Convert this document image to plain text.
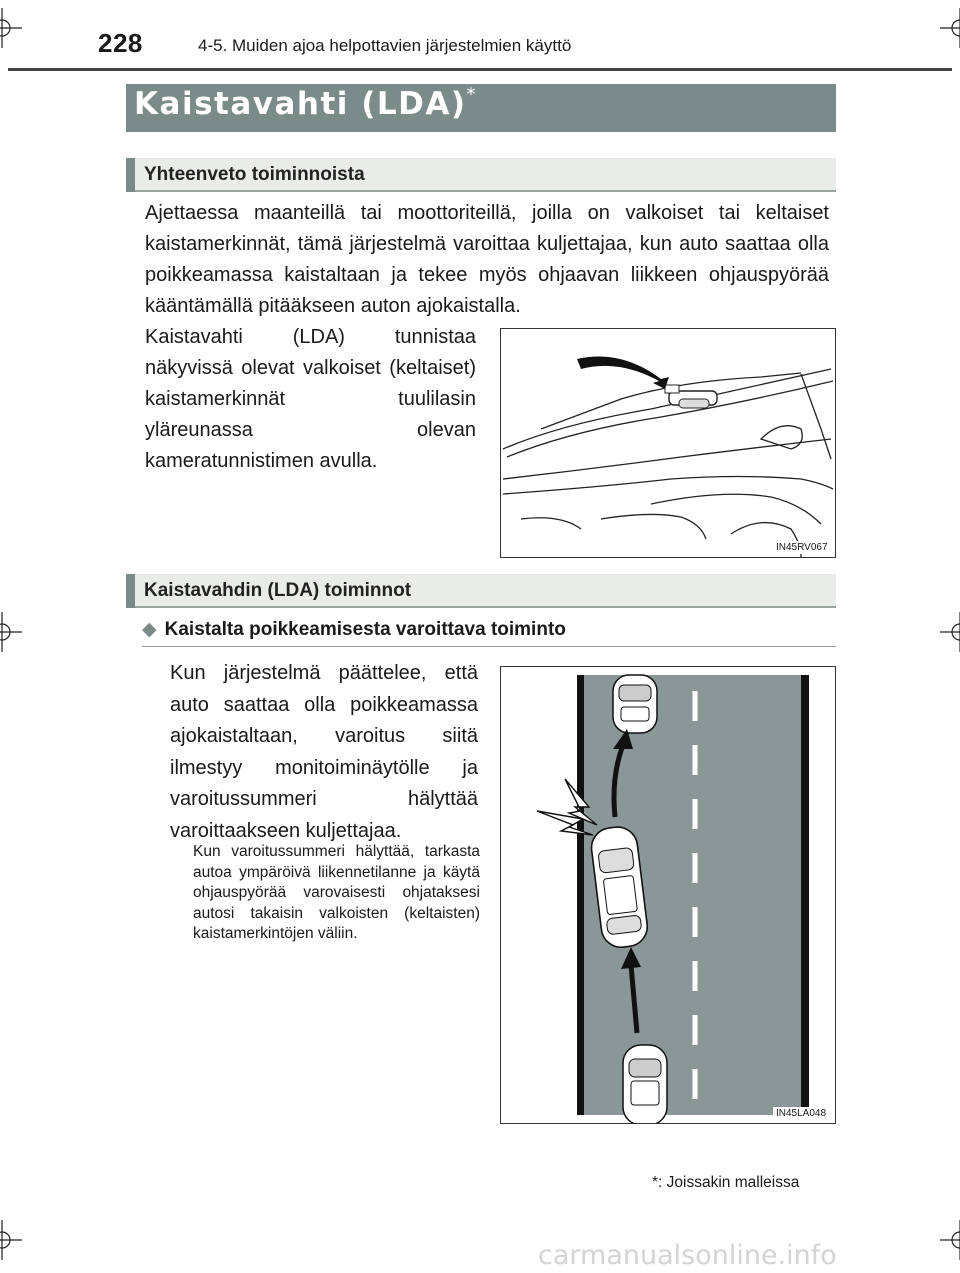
228	4-5. Muiden ajoa helpottavien järjestelmien käyttö
Kaistavahti (LDA)*
Yhteenveto toiminnoista
Ajettaessa maanteillä tai moottoriteillä, joilla on valkoiset tai keltaiset kaistamerkinnät, tämä järjestelmä varoittaa kuljettajaa, kun auto saattaa olla poikkeamassa kaistaltaan ja tekee myös ohjaavan liikkeen ohjauspyörää kääntämällä pitääkseen auton ajokaistalla.
Kaistavahti (LDA) tunnistaa näkyvissä olevat valkoiset (keltaiset) kaistamerkinnät tuulilasin yläreunassa olevan kameratunnistimen avulla.
IN45RV067
Kaistavahdin (LDA) toiminnot
◆ Kaistalta poikkeamisesta varoittava toiminto
Kun järjestelmä päättelee, että auto saattaa olla poikkeamassa ajokaistaltaan, varoitus siitä ilmestyy monitoiminäytölle ja varoitussummeri hälyttää varoittaakseen kuljettajaa.
Kun varoitussummeri hälyttää, tarkasta autoa ympäröivä liikennetilanne ja käytä ohjauspyörää varovaisesti ohjataksesi autosi takaisin valkoisten (keltaisten) kaistamerkintöjen väliin.
IN45LA048
*: Joissakin malleissa
carmanualsonline.info
